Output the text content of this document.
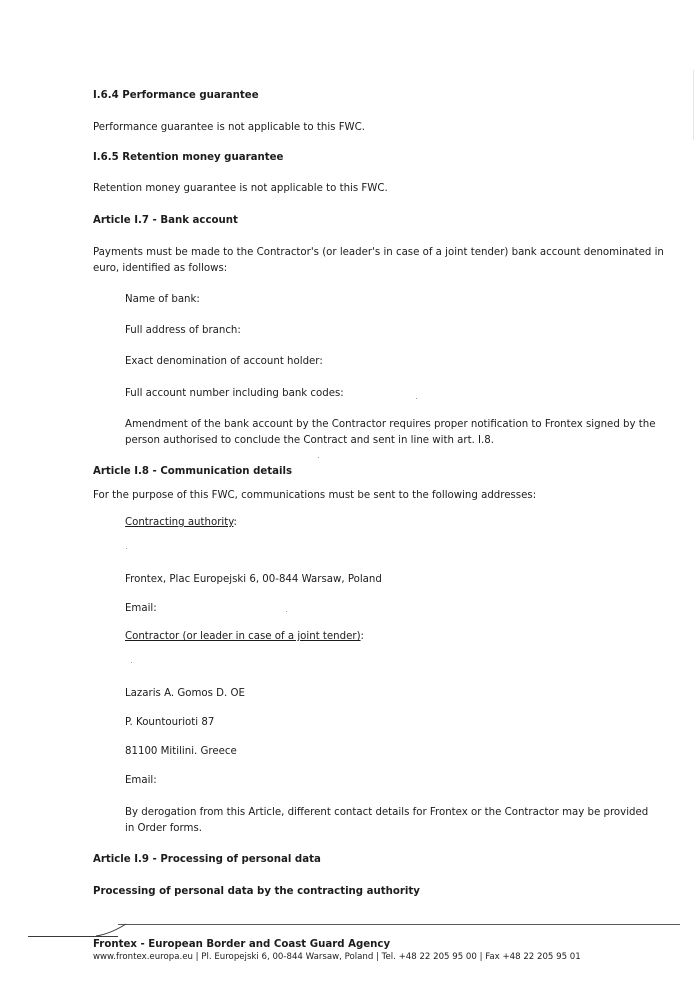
I.6.4 Performance guarantee
Performance guarantee is not applicable to this FWC.
I.6.5 Retention money guarantee
Retention money guarantee is not applicable to this FWC.
Article I.7 - Bank account
Payments must be made to the Contractor's (or leader's in case of a joint tender) bank account denominated in
euro, identified as follows:
Name of bank:
Full address of branch:
Exact denomination of account holder:
Full account number including bank codes:
Amendment of the bank account by the Contractor requires proper notification to Frontex signed by the
person authorised to conclude the Contract and sent in line with art. I.8.
Article I.8 - Communication details
For the purpose of this FWC, communications must be sent to the following addresses:
Contracting authority:
Frontex, Plac Europejski 6, 00-844 Warsaw, Poland
Email:
Contractor (or leader in case of a joint tender):
Lazaris A. Gomos D. OE
P. Kountourioti 87
81100 Mitilini. Greece
Email:
By derogation from this Article, different contact details for Frontex or the Contractor may be provided
in Order forms.
Article I.9 - Processing of personal data
Processing of personal data by the contracting authority
Frontex - European Border and Coast Guard Agency
www.frontex.europa.eu | Pl. Europejski 6, 00-844 Warsaw, Poland | Tel. +48 22 205 95 00 | Fax +48 22 205 95 01
